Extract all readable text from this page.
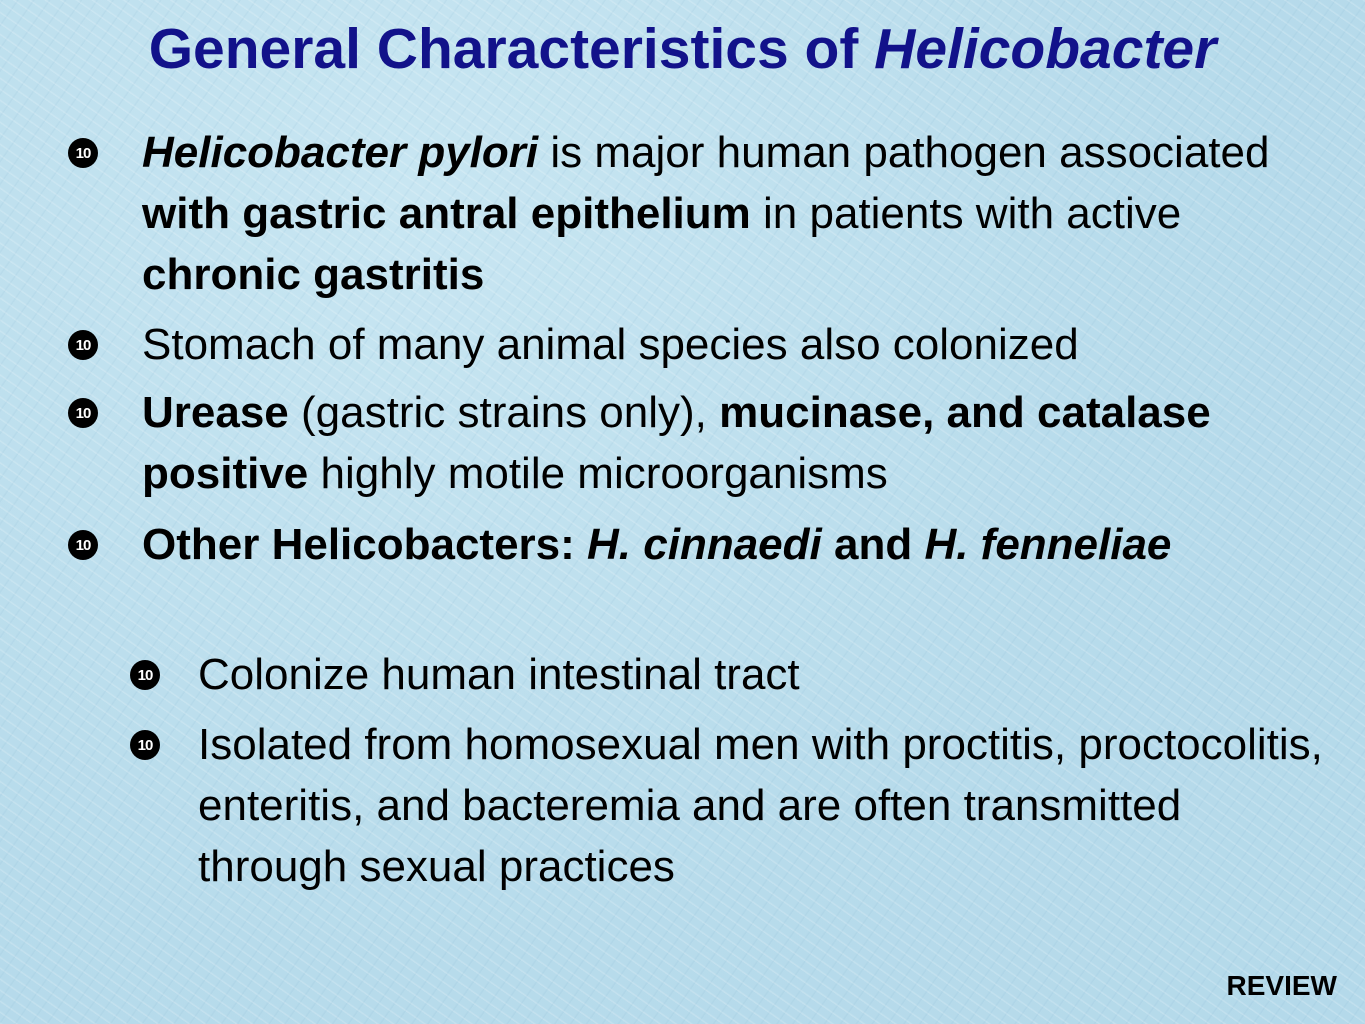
General Characteristics of Helicobacter
10 Helicobacter pylori is major human pathogen associated with gastric antral epithelium in patients with active chronic gastritis
10 Stomach of many animal species also colonized
10 Urease (gastric strains only), mucinase, and catalase positive highly motile microorganisms
10 Other Helicobacters: H. cinnaedi and H. fenneliae
10 Colonize human intestinal tract
10 Isolated from homosexual men with proctitis, proctocolitis, enteritis, and bacteremia and are often transmitted through sexual practices
REVIEW
